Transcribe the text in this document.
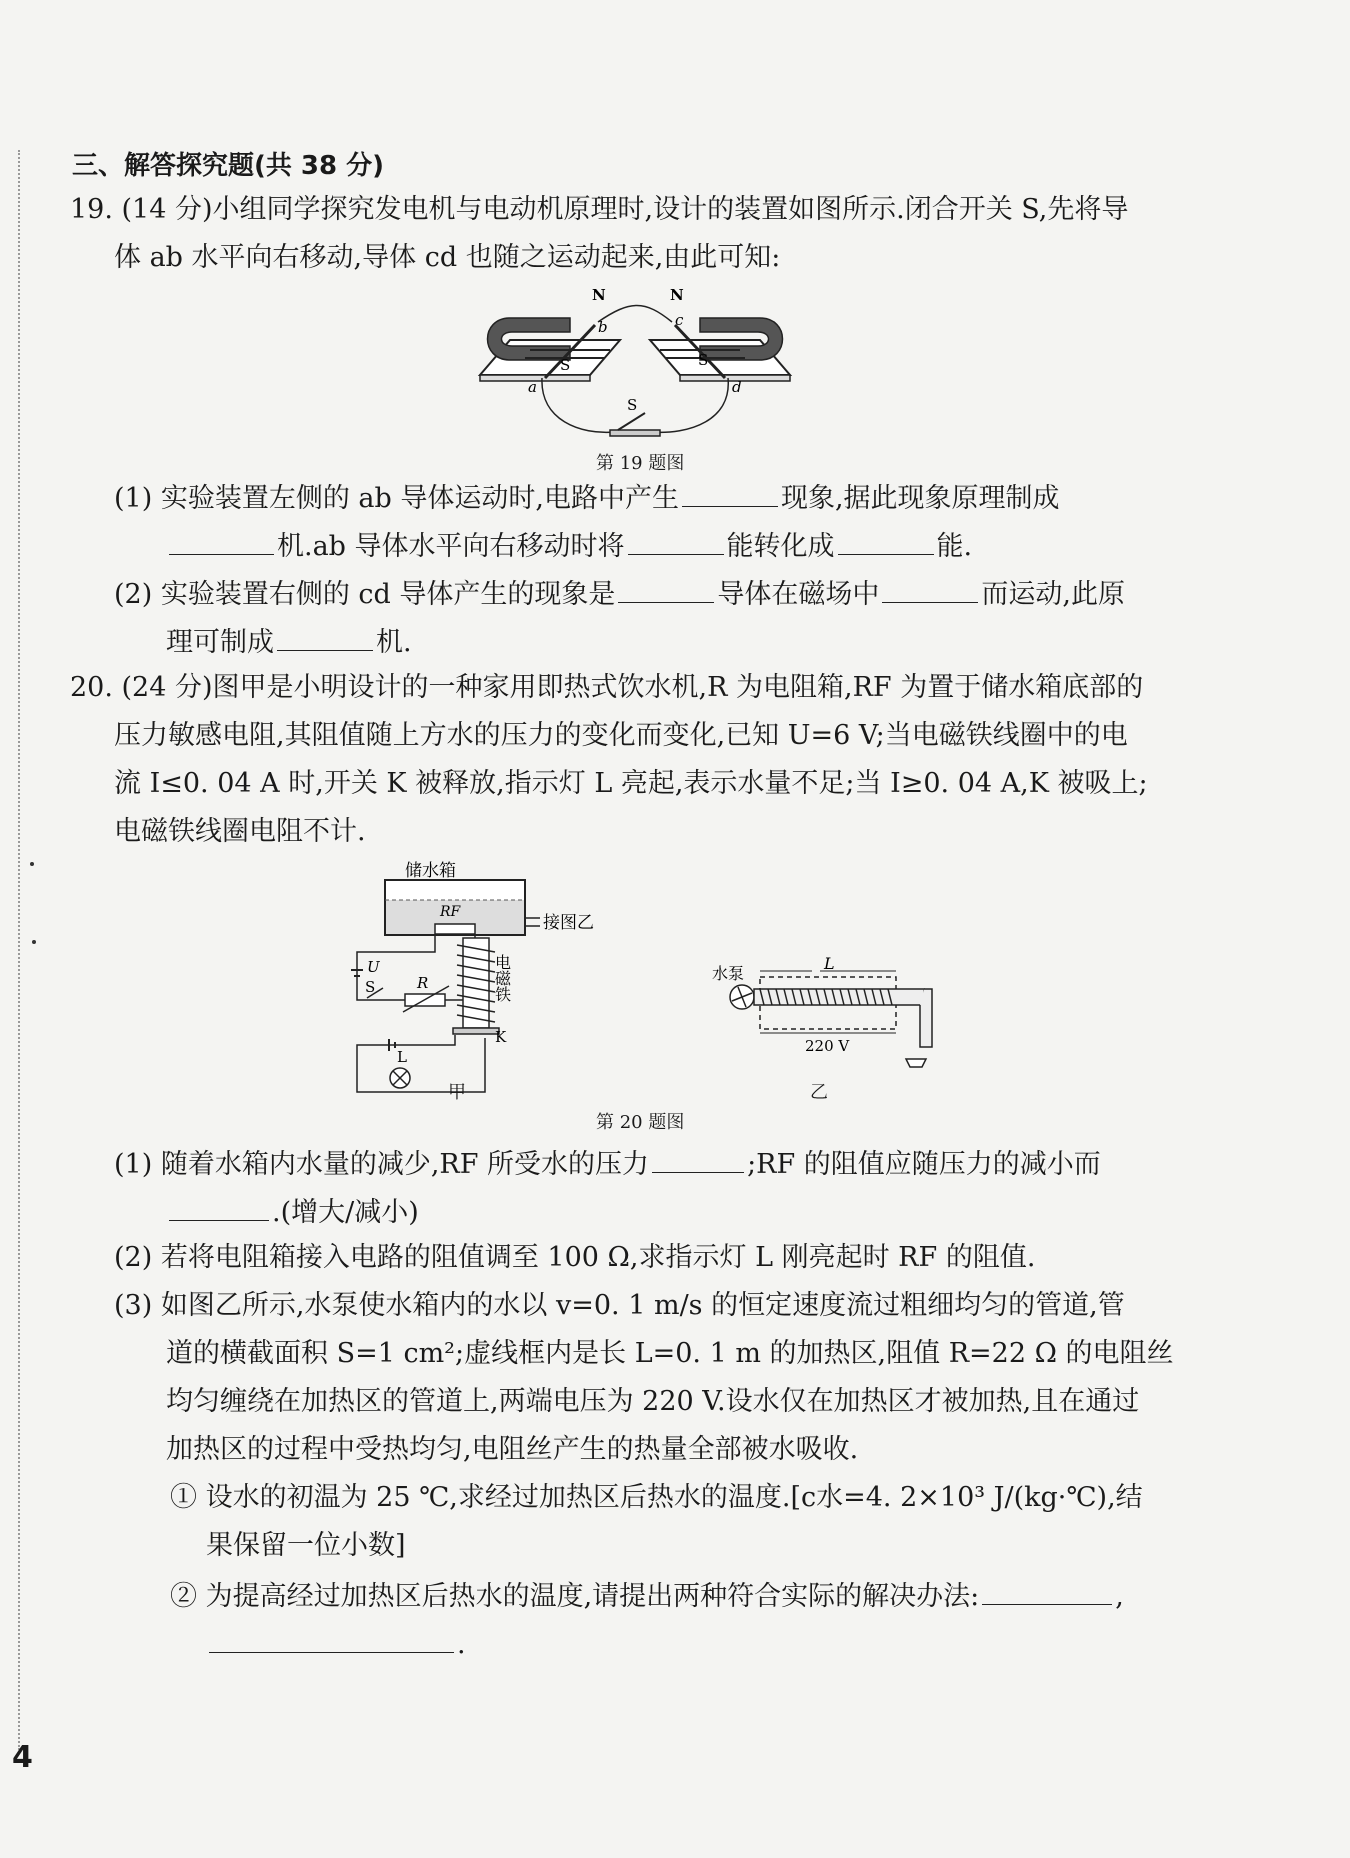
三、解答探究题(共 38 分)
19. (14 分)小组同学探究发电机与电动机原理时,设计的装置如图所示.闭合开关 S,先将导
体 ab 水平向右移动,导体 cd 也随之运动起来,由此可知:
N	N
S	S
a
b	c
d
S
第 19 题图
(1) 实验装置左侧的 ab 导体运动时,电路中产生	现象,据此现象原理制成
机.ab 导体水平向右移动时将	能转化成	能.
(2) 实验装置右侧的 cd 导体产生的现象是	导体在磁场中	而运动,此原
理可制成	机.
20. (24 分)图甲是小明设计的一种家用即热式饮水机,R 为电阻箱,RF 为置于储水箱底部的
压力敏感电阻,其阻值随上方水的压力的变化而变化,已知 U=6 V;当电磁铁线圈中的电
流 I≤0. 04 A 时,开关 K 被释放,指示灯 L 亮起,表示水量不足;当 I≥0. 04 A,K 被吸上;
电磁铁线圈电阻不计.
储水箱
RF
接图乙
U
S	R	电磁铁
K
L
甲
水泵
L
220 V
乙
第 20 题图
(1) 随着水箱内水量的减少,RF 所受水的压力	;RF 的阻值应随压力的减小而
.(增大/减小)
(2) 若将电阻箱接入电路的阻值调至 100 Ω,求指示灯 L 刚亮起时 RF 的阻值.
(3) 如图乙所示,水泵使水箱内的水以 v=0. 1 m/s 的恒定速度流过粗细均匀的管道,管
道的横截面积 S=1 cm²;虚线框内是长 L=0. 1 m 的加热区,阻值 R=22 Ω 的电阻丝
均匀缠绕在加热区的管道上,两端电压为 220 V.设水仅在加热区才被加热,且在通过
加热区的过程中受热均匀,电阻丝产生的热量全部被水吸收.
① 设水的初温为 25 ℃,求经过加热区后热水的温度.[c水=4. 2×10³ J/(kg·℃),结
果保留一位小数]
② 为提高经过加热区后热水的温度,请提出两种符合实际的解决办法:	,
.
4
